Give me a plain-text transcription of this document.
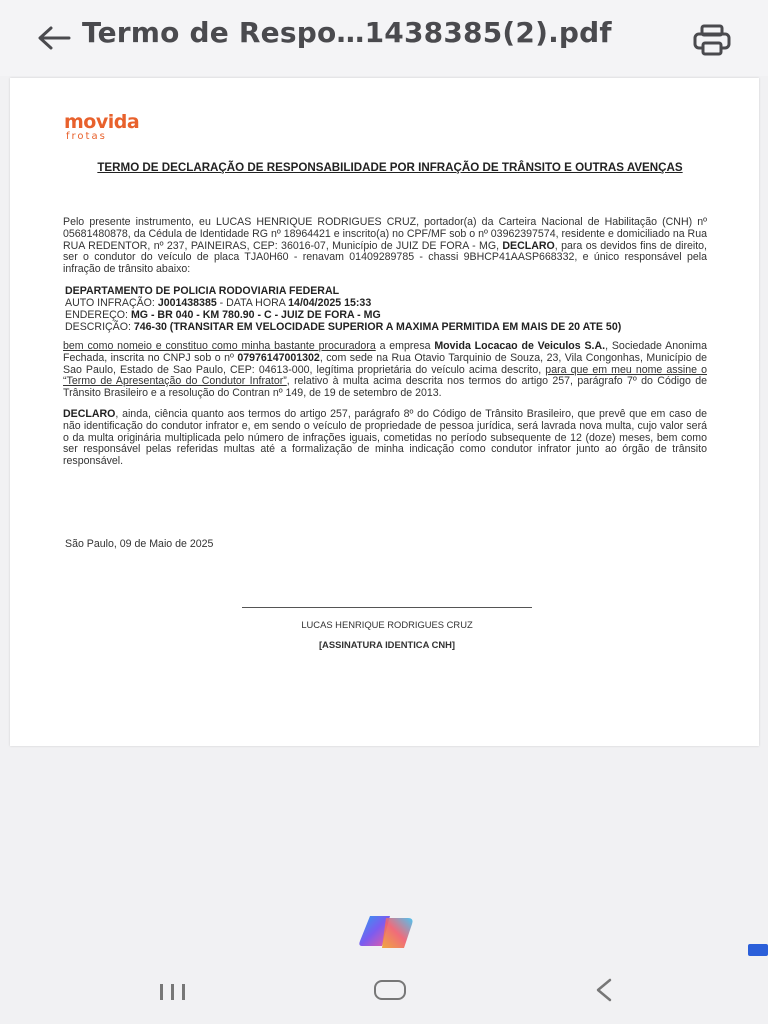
Termo de Respo…1438385(2).pdf
movida
frotas
TERMO DE DECLARAÇÃO DE RESPONSABILIDADE POR INFRAÇÃO DE TRÂNSITO E OUTRAS AVENÇAS

Pelo presente instrumento, eu LUCAS HENRIQUE RODRIGUES CRUZ, portador(a) da Carteira Nacional de Habilitação (CNH) nº 05681480878, da Cédula de Identidade RG nº 18964421 e inscrito(a) no CPF/MF sob o nº 03962397574, residente e domiciliado na Rua RUA REDENTOR, nº 237, PAINEIRAS, CEP: 36016-07, Município de JUIZ DE FORA - MG, DECLARO, para os devidos fins de direito, ser o condutor do veículo de placa TJA0H60 - renavam 01409289785 - chassi 9BHCP41AASP668332, e único responsável pela infração de trânsito abaixo:

DEPARTAMENTO DE POLICIA RODOVIARIA FEDERAL
AUTO INFRAÇÃO: J001438385 - DATA HORA 14/04/2025 15:33
ENDEREÇO: MG - BR 040 - KM 780.90 - C - JUIZ DE FORA - MG
DESCRIÇÃO: 746-30 (TRANSITAR EM VELOCIDADE SUPERIOR A MAXIMA PERMITIDA EM MAIS DE 20 ATE 50)

bem como nomeio e constituo como minha bastante procuradora a empresa Movida Locacao de Veiculos S.A., Sociedade Anonima Fechada, inscrita no CNPJ sob o nº 07976147001302, com sede na Rua Otavio Tarquinio de Souza, 23, Vila Congonhas, Município de Sao Paulo, Estado de Sao Paulo, CEP: 04613-000, legítima proprietária do veículo acima descrito, para que em meu nome assine o “Termo de Apresentação do Condutor Infrator”, relativo à multa acima descrita nos termos do artigo 257, parágrafo 7º do Código de Trânsito Brasileiro e a resolução do Contran nº 149, de 19 de setembro de 2013.

DECLARO, ainda, ciência quanto aos termos do artigo 257, parágrafo 8º do Código de Trânsito Brasileiro, que prevê que em caso de não identificação do condutor infrator e, em sendo o veículo de propriedade de pessoa jurídica, será lavrada nova multa, cujo valor será o da multa originária multiplicada pelo número de infrações iguais, cometidas no período subsequente de 12 (doze) meses, bem como ser responsável pelas referidas multas até a formalização de minha indicação como condutor infrator junto ao órgão de trânsito responsável.

São Paulo, 09 de Maio de 2025
LUCAS HENRIQUE RODRIGUES CRUZ
[ASSINATURA IDENTICA CNH]
